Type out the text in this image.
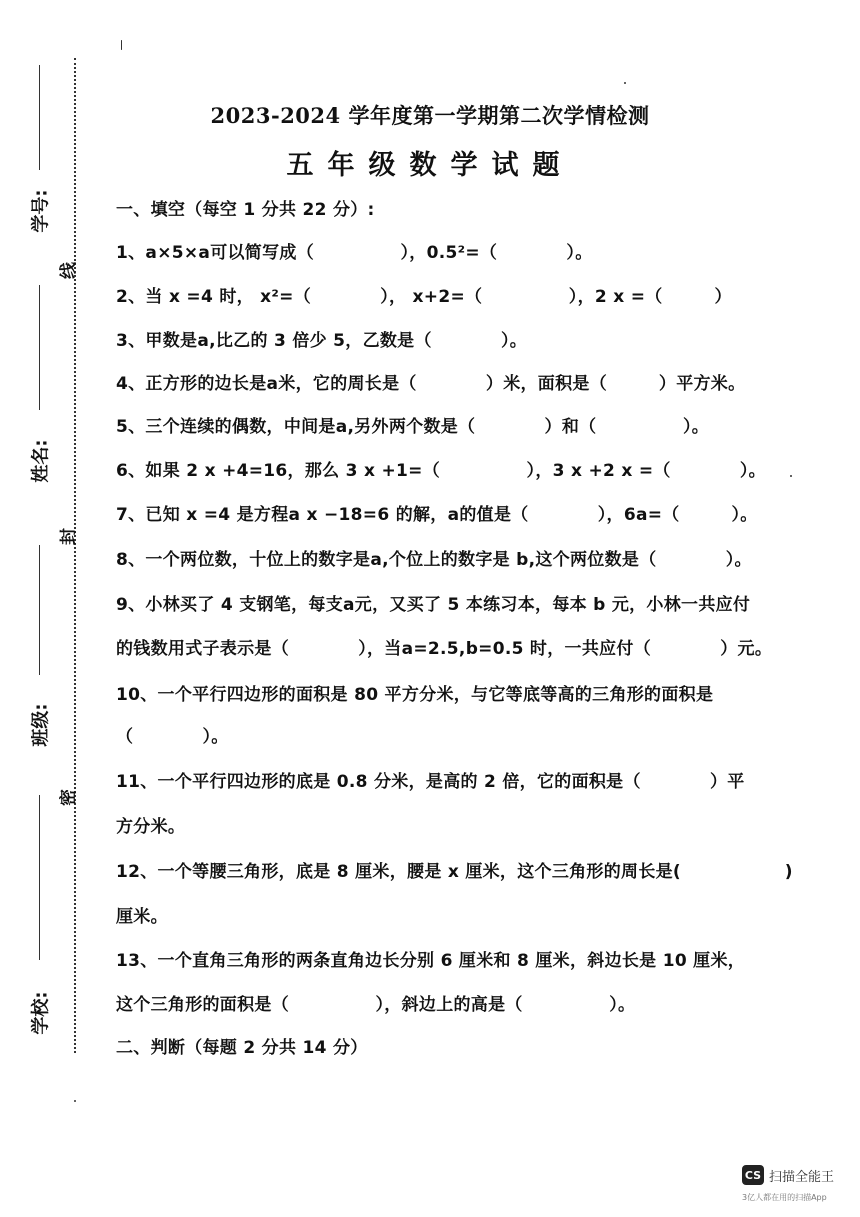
线
封
密
学号:
姓名:
班级:
学校:
2023-2024 学年度第一学期第二次学情检测
五年级数学试题
一、填空（每空 1 分共 22 分）:
1、a×5×a可以简写成（　　　　　），0.5²=（　　　　）。
2、当 x =4 时， x²=（　　　　）， x+2=（　　　　　），2 x =（　　　）
3、甲数是a,比乙的 3 倍少 5，乙数是（　　　　）。
4、正方形的边长是a米，它的周长是（　　　　）米，面积是（　　　）平方米。
5、三个连续的偶数，中间是a,另外两个数是（　　　　）和（　　　　　）。
6、如果 2 x +4=16，那么 3 x +1=（　　　　　），3 x +2 x =（　　　　）。
7、已知 x =4 是方程a x −18=6 的解，a的值是（　　　　），6a=（　　　）。
8、一个两位数，十位上的数字是a,个位上的数字是 b,这个两位数是（　　　　）。
9、小林买了 4 支钢笔，每支a元，又买了 5 本练习本，每本 b 元，小林一共应付
的钱数用式子表示是（　　　　），当a=2.5,b=0.5 时，一共应付（　　　　）元。
10、一个平行四边形的面积是 80 平方分米，与它等底等高的三角形的面积是
（　　　　）。
11、一个平行四边形的底是 0.8 分米，是高的 2 倍，它的面积是（　　　　）平
方分米。
12、一个等腰三角形，底是 8 厘米，腰是 x 厘米，这个三角形的周长是(　　　　　　)
厘米。
13、一个直角三角形的两条直角边长分别 6 厘米和 8 厘米，斜边长是 10 厘米，
这个三角形的面积是（　　　　　），斜边上的高是（　　　　　）。
二、判断（每题 2 分共 14 分）
CS 扫描全能王
3亿人都在用的扫描App
